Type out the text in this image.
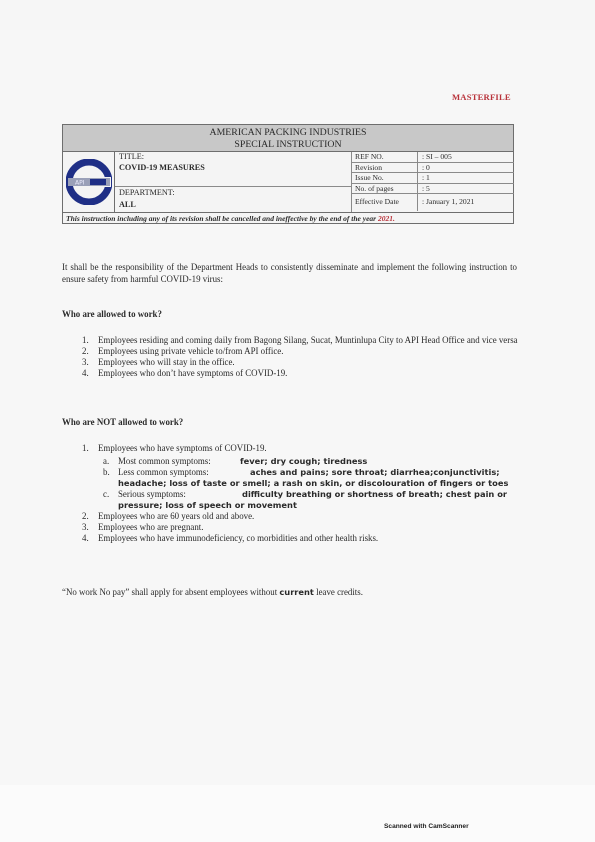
MASTERFILE
AMERICAN PACKING INDUSTRIES
SPECIAL INSTRUCTION
API
TITLE:
COVID-19 MEASURES
DEPARTMENT:
ALL
REF NO.	: SI – 005
Revision	: 0
Issue No.	: 1
No. of pages	: 5
Effective Date	: January 1, 2021
This instruction including any of its revision shall be cancelled and ineffective by the end of the year 2021.
It shall be the responsibility of the Department Heads to consistently disseminate and implement the following instruction to ensure safety from harmful COVID-19 virus:
Who are allowed to work?
1. Employees residing and coming daily from Bagong Silang, Sucat, Muntinlupa City to API Head Office and vice versa
2. Employees using private vehicle to/from API office.
3. Employees who will stay in the office.
4. Employees who don’t have symptoms of COVID-19.
Who are NOT allowed to work?
1. Employees who have symptoms of COVID-19.
a. Most common symptoms:	fever; dry cough; tiredness
b. Less common symptoms:	aches and pains; sore throat; diarrhea;conjunctivitis; headache; loss of taste or smell; a rash on skin, or discolouration of fingers or toes
c. Serious symptoms:	difficulty breathing or shortness of breath; chest pain or pressure; loss of speech or movement
2. Employees who are 60 years old and above.
3. Employees who are pregnant.
4. Employees who have immunodeficiency, co morbidities and other health risks.
“No work No pay” shall apply for absent employees without current leave credits.
Scanned with CamScanner
